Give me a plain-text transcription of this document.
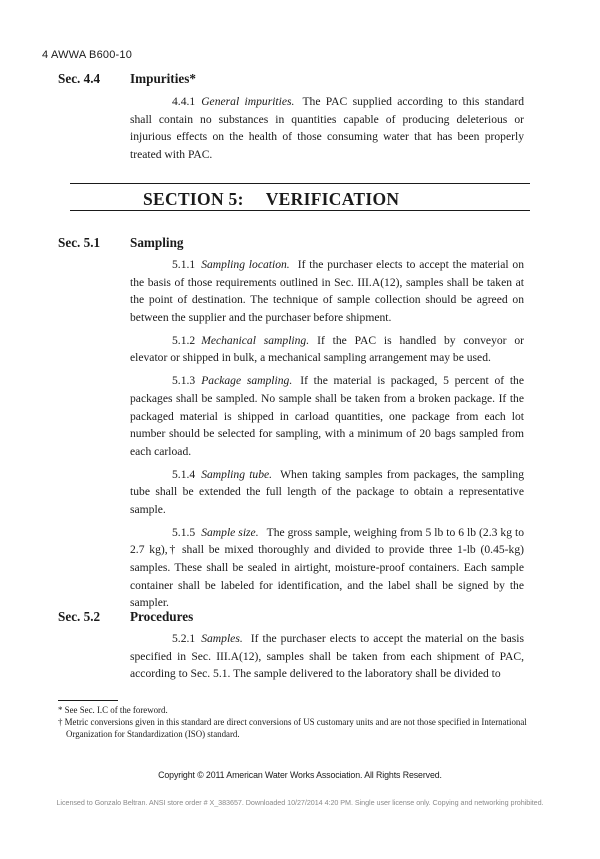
4 AWWA B600-10
Sec. 4.4 Impurities*

4.4.1 General impurities. The PAC supplied according to this standard shall contain no substances in quantities capable of producing deleterious or injurious effects on the health of those consuming water that has been properly treated with PAC.

SECTION 5: VERIFICATION
Sec. 5.1 Sampling

5.1.1 Sampling location. If the purchaser elects to accept the material on the basis of those requirements outlined in Sec. III.A(12), samples shall be taken at the point of destination. The technique of sample collection should be agreed on between the supplier and the purchaser before shipment.

5.1.2 Mechanical sampling. If the PAC is handled by conveyor or elevator or shipped in bulk, a mechanical sampling arrangement may be used.

5.1.3 Package sampling. If the material is packaged, 5 percent of the packages shall be sampled. No sample shall be taken from a broken package. If the packaged material is shipped in carload quantities, one package from each lot number should be selected for sampling, with a minimum of 20 bags sampled from each carload.

5.1.4 Sampling tube. When taking samples from packages, the sampling tube shall be extended the full length of the package to obtain a representative sample.

5.1.5 Sample size. The gross sample, weighing from 5 lb to 6 lb (2.3 kg to 2.7 kg),† shall be mixed thoroughly and divided to provide three 1-lb (0.45-kg) samples. These shall be sealed in airtight, moisture-proof containers. Each sample container shall be labeled for identification, and the label shall be signed by the sampler.

Sec. 5.2 Procedures

5.2.1 Samples. If the purchaser elects to accept the material on the basis specified in Sec. III.A(12), samples shall be taken from each shipment of PAC, according to Sec. 5.1. The sample delivered to the laboratory shall be divided to

* See Sec. I.C of the foreword.

† Metric conversions given in this standard are direct conversions of US customary units and are not those specified in International Organization for Standardization (ISO) standard.

Copyright © 2011 American Water Works Association. All Rights Reserved.
Licensed to Gonzalo Beltran. ANSI store order # X_383657. Downloaded 10/27/2014 4:20 PM. Single user license only. Copying and networking prohibited.
